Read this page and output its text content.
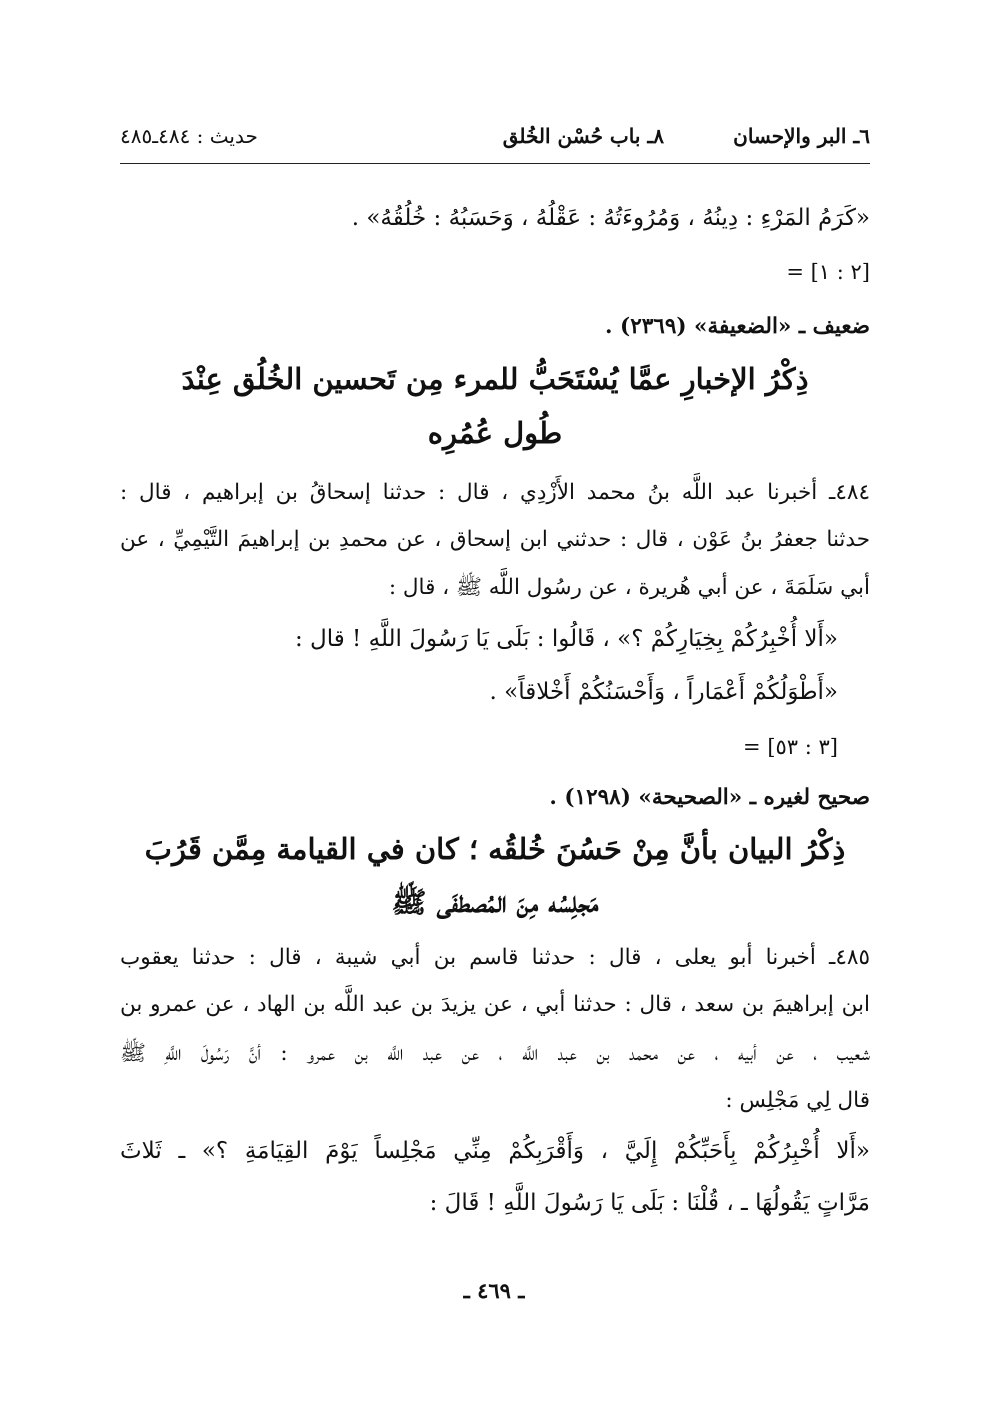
٦ـ البر والإحسان
٨ـ باب حُسْن الخُلق
حديث : ٤٨٤ـ٤٨٥
«كَرَمُ المَرْءِ : دِينُهُ ، وَمُرُوءَتُهُ : عَقْلُهُ ، وَحَسَبُهُ : خُلُقُهُ» .
= [٢ : ١]
ضعيف ـ «الضعيفة» (٢٣٦٩) .
ذِكْرُ الإخبارِ عمَّا يُسْتَحَبُّ للمرء مِن تَحسين الخُلُق عِنْدَ
طُول عُمُرِه
٤٨٤ـ أخبرنا عبد اللَّه بنُ محمد الأَزْدِي ، قال : حدثنا إسحاقُ بن إبراهيم ، قال :
حدثنا جعفرُ بنُ عَوْن ، قال : حدثني ابن إسحاق ، عن محمدِ بن إبراهيمَ التَّيْمِيِّ ، عن
أبي سَلَمَةَ ، عن أبي هُريرة ، عن رسُول اللَّه ﷺ ، قال :
«أَلا أُخْبِرُكُمْ بِخِيَارِكُمْ ؟» ، قَالُوا : بَلَى يَا رَسُولَ اللَّهِ ! قال :
«أَطْوَلُكُمْ أَعْمَاراً ، وَأَحْسَنُكُمْ أَخْلاقاً» .
= [٣ : ٥٣]
صحيح لغيره ـ «الصحيحة» (١٢٩٨) .
ذِكْرُ البيان بأنَّ مِنْ حَسُنَ خُلقُه ؛ كان في القيامة مِمَّن قَرُبَ
مَجلِسُه مِنَ المُصطفَى ﷺ
٤٨٥ـ أخبرنا أبو يعلى ، قال : حدثنا قاسم بن أبي شيبة ، قال : حدثنا يعقوب
ابن إبراهيمَ بن سعد ، قال : حدثنا أبي ، عن يزيدَ بن عبد اللَّه بن الهاد ، عن عمرو بن
شعيب ، عن أبيه ، عن محمد بن عبد اللَّه ، عن عبد اللَّه بن عمرو : أنَّ رَسُولَ اللَّهِ ﷺ
قال لِي مَجْلِس :
«أَلا أُخْبِرُكُمْ بِأَحَبِّكُمْ إِلَيَّ ، وَأَقْرَبِكُمْ مِنِّي مَجْلِساً يَوْمَ القِيَامَةِ ؟» ـ ثَلاثَ
مَرَّاتٍ يَقُولُهَا ـ ، قُلْنَا : بَلَى يَا رَسُولَ اللَّهِ ! قَالَ :
ـ ٤٦٩ ـ
